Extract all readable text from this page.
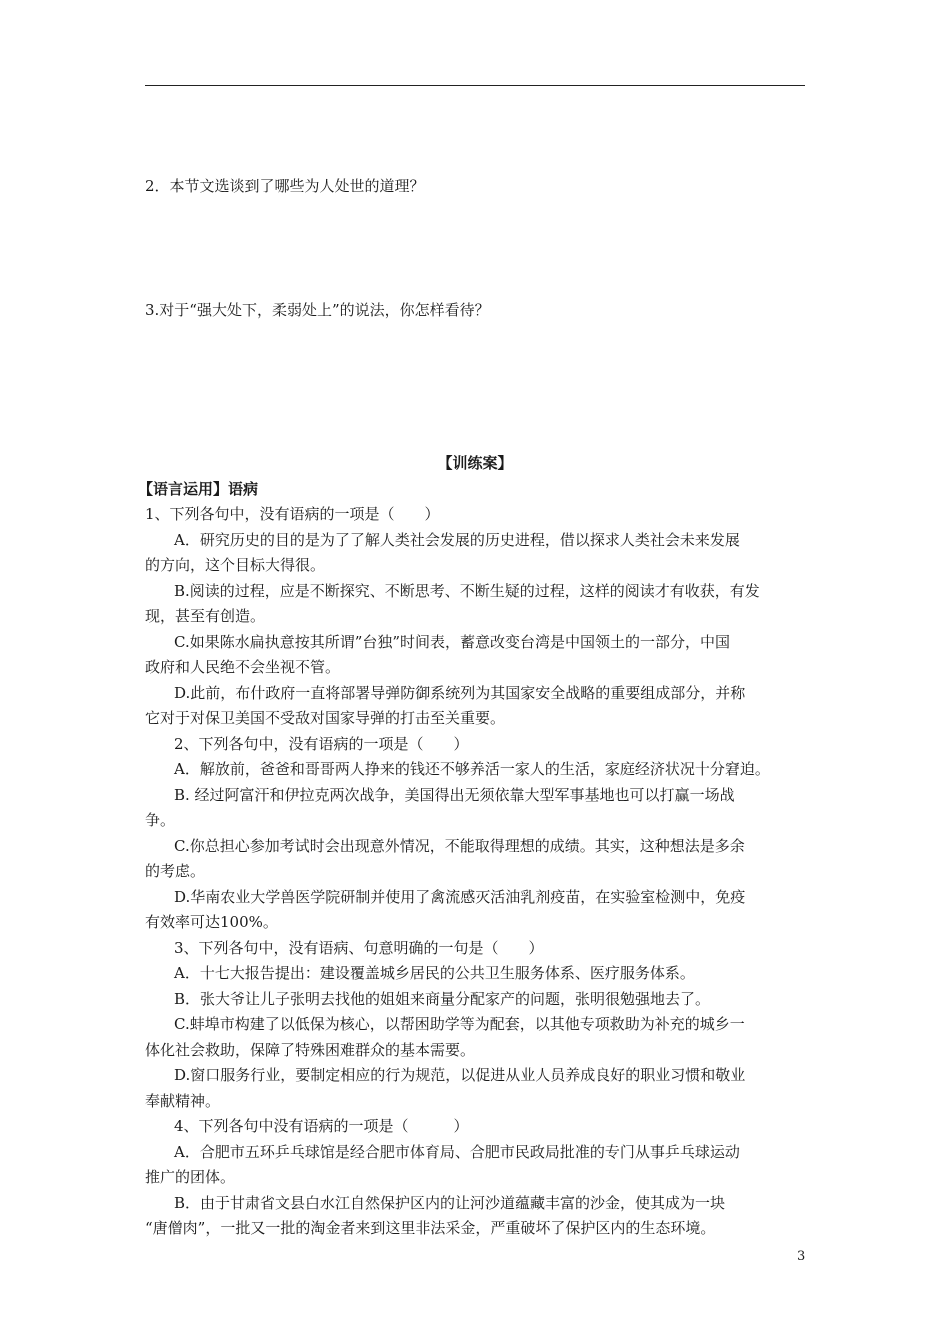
2．本节文选谈到了哪些为人处世的道理？
3.对于“强大处下，柔弱处上”的说法，你怎样看待？
【训练案】
【语言运用】语病
1、下列各句中，没有语病的一项是（　　）
A．研究历史的目的是为了了解人类社会发展的历史进程，借以探求人类社会未来发展
的方向，这个目标大得很。
B.阅读的过程，应是不断探究、不断思考、不断生疑的过程，这样的阅读才有收获，有发
现，甚至有创造。
C.如果陈水扁执意按其所谓”台独”时间表，蓄意改变台湾是中国领土的一部分，中国
政府和人民绝不会坐视不管。
D.此前，布什政府一直将部署导弹防御系统列为其国家安全战略的重要组成部分，并称
它对于对保卫美国不受敌对国家导弹的打击至关重要。
2、下列各句中，没有语病的一项是（　　）
A．解放前，爸爸和哥哥两人挣来的钱还不够养活一家人的生活，家庭经济状况十分窘迫。
B. 经过阿富汗和伊拉克两次战争，美国得出无须依靠大型军事基地也可以打赢一场战
争。
C.你总担心参加考试时会出现意外情况，不能取得理想的成绩。其实，这种想法是多余
的考虑。
D.华南农业大学兽医学院研制并使用了禽流感灭活油乳剂疫苗，在实验室检测中，免疫
有效率可达100%。
3、下列各句中，没有语病、句意明确的一句是（　　）
A．十七大报告提出：建设覆盖城乡居民的公共卫生服务体系、医疗服务体系。
B．张大爷让儿子张明去找他的姐姐来商量分配家产的问题，张明很勉强地去了。
C.蚌埠市构建了以低保为核心，以帮困助学等为配套，以其他专项救助为补充的城乡一
体化社会救助，保障了特殊困难群众的基本需要。
D.窗口服务行业，要制定相应的行为规范，以促进从业人员养成良好的职业习惯和敬业
奉献精神。
4、下列各句中没有语病的一项是（　　　）
A．合肥市五环乒乓球馆是经合肥市体育局、合肥市民政局批准的专门从事乒乓球运动
推广的团体。
B．由于甘肃省文县白水江自然保护区内的让河沙道蕴藏丰富的沙金，使其成为一块
“唐僧肉”，一批又一批的淘金者来到这里非法采金，严重破坏了保护区内的生态环境。
3
